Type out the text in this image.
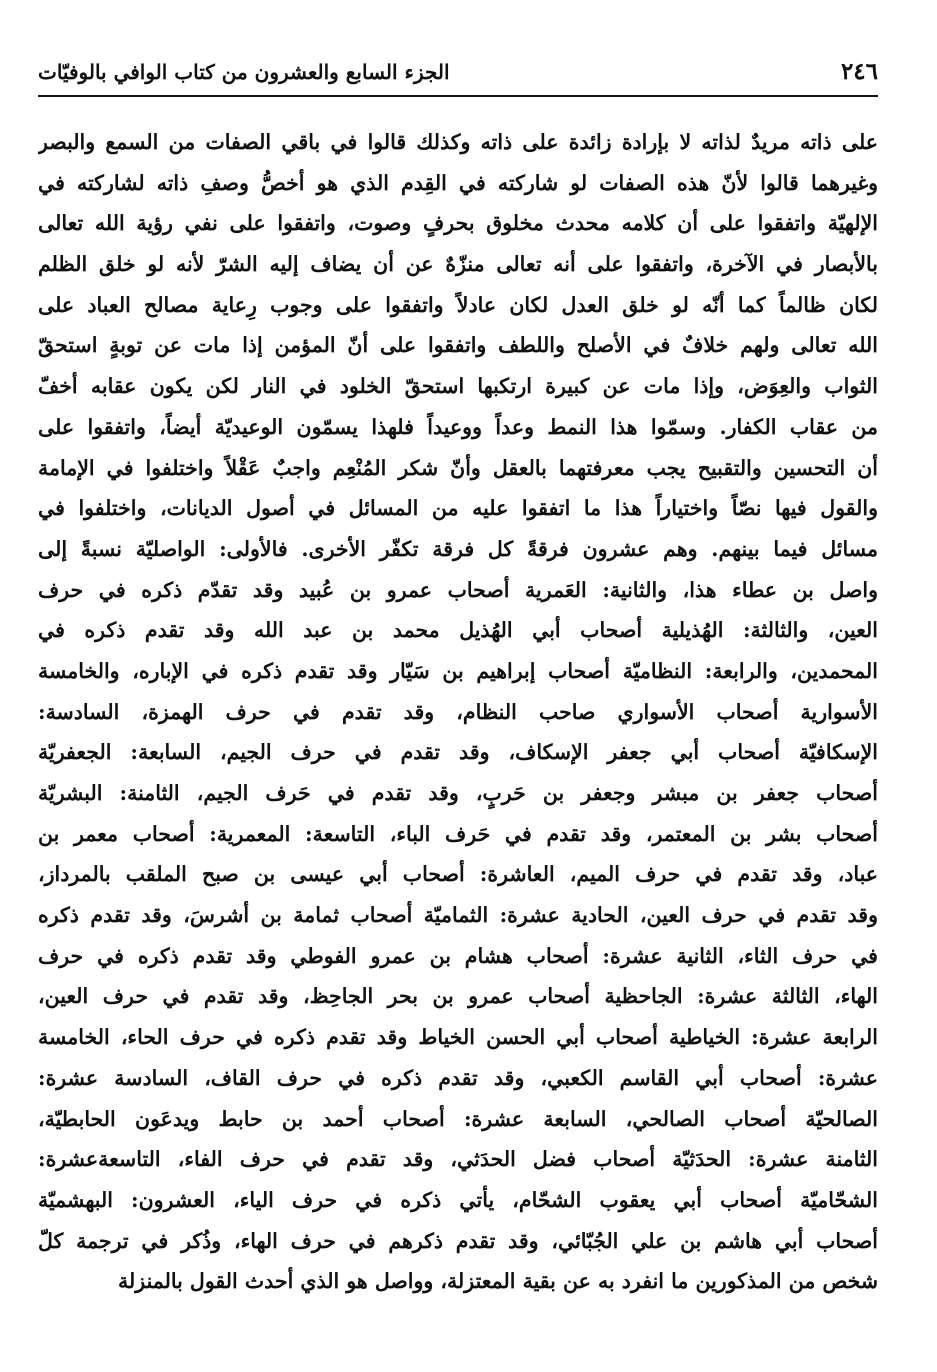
٢٤٦
الجزء السابع والعشرون من كتاب الوافي بالوفيّات
على ذاته مريدٌ لذاته لا بإرادة زائدة على ذاته وكذلك قالوا في باقي الصفات من السمع والبصر
وغيرهما قالوا لأنّ هذه الصفات لو شاركته في القِدم الذي هو أخصُّ وصفِ ذاته لشاركته في
الإلهيّة واتفقوا على أن كلامه محدث مخلوق بحرفٍ وصوت، واتفقوا على نفي رؤية الله تعالى
بالأبصار في الآخرة، واتفقوا على أنه تعالى منزّهٌ عن أن يضاف إليه الشرّ لأنه لو خلق الظلم
لكان ظالماً كما أنّه لو خلق العدل لكان عادلاً واتفقوا على وجوب رِعاية مصالح العباد على
الله تعالى ولهم خلافٌ في الأصلح واللطف واتفقوا على أنّ المؤمن إذا مات عن توبةٍ استحقّ
الثواب والعِوَض، وإذا مات عن كبيرة ارتكبها استحقّ الخلود في النار لكن يكون عقابه أخفّ
من عقاب الكفار. وسمّوا هذا النمط وعداً ووعيداً فلهذا يسمّون الوعيديّة أيضاً، واتفقوا على
أن التحسين والتقبيح يجب معرفتهما بالعقل وأنّ شكر المُنْعِم واجبٌ عَقْلاً واختلفوا في الإمامة
والقول فيها نصّاً واختياراً هذا ما اتفقوا عليه من المسائل في أصول الديانات، واختلفوا في
مسائل فيما بينهم. وهم عشرون فرقةً كل فرقة تكفّر الأخرى. فالأولى: الواصليّة نسبةً إلى
واصل بن عطاء هذا، والثانية: العَمرية أصحاب عمرو بن عُبيد وقد تقدّم ذكره في حرف
العين، والثالثة: الهُذيلية أصحاب أبي الهُذيل محمد بن عبد الله وقد تقدم ذكره في
المحمدين، والرابعة: النظاميّة أصحاب إبراهيم بن سَيّار وقد تقدم ذكره في الإباره، والخامسة
الأسوارية أصحاب الأسواري صاحب النظام، وقد تقدم في حرف الهمزة، السادسة:
الإسكافيّة أصحاب أبي جعفر الإسكاف، وقد تقدم في حرف الجيم، السابعة: الجعفريّة
أصحاب جعفر بن مبشر وجعفر بن حَربٍ، وقد تقدم في حَرف الجيم، الثامنة: البشريّة
أصحاب بشر بن المعتمر، وقد تقدم في حَرف الباء، التاسعة: المعمرية: أصحاب معمر بن
عباد، وقد تقدم في حرف الميم، العاشرة: أصحاب أبي عيسى بن صبح الملقب بالمرداز،
وقد تقدم في حرف العين، الحادية عشرة: الثماميّة أصحاب ثمامة بن أشرسَ، وقد تقدم ذكره
في حرف الثاء، الثانية عشرة: أصحاب هشام بن عمرو الفوطي وقد تقدم ذكره في حرف
الهاء، الثالثة عشرة: الجاحظية أصحاب عمرو بن بحر الجاحِظ، وقد تقدم في حرف العين،
الرابعة عشرة: الخياطية أصحاب أبي الحسن الخياط وقد تقدم ذكره في حرف الحاء، الخامسة
عشرة: أصحاب أبي القاسم الكعبي، وقد تقدم ذكره في حرف القاف، السادسة عشرة:
الصالحيّة أصحاب الصالحي، السابعة عشرة: أصحاب أحمد بن حابط ويدعَون الحابطيّة،
الثامنة عشرة: الحدَثيّة أصحاب فضل الحدَثي، وقد تقدم في حرف الفاء، التاسعةعشرة:
الشحّاميّة أصحاب أبي يعقوب الشحّام، يأتي ذكره في حرف الياء، العشرون: البهشميّة
أصحاب أبي هاشم بن علي الجُبّائي، وقد تقدم ذكرهم في حرف الهاء، وذُكر في ترجمة كلّ
شخص من المذكورين ما انفرد به عن بقية المعتزلة، وواصل هو الذي أحدث القول بالمنزلة
